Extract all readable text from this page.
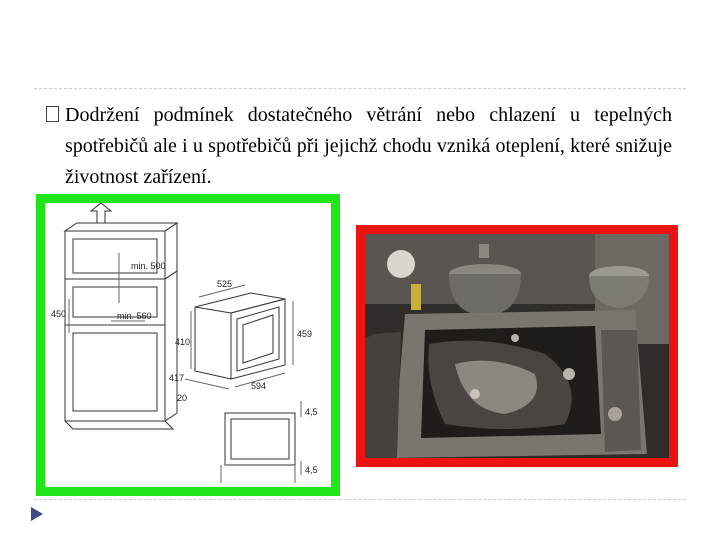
Dodržení podmínek dostatečného větrání nebo chlazení u tepelných spotřebičů ale i u spotřebičů při jejichž chodu vzniká oteplení, které snižuje životnost zařízení.
min. 500
450	min. 560
525
410
459
417
20
594
4,5
4,5
